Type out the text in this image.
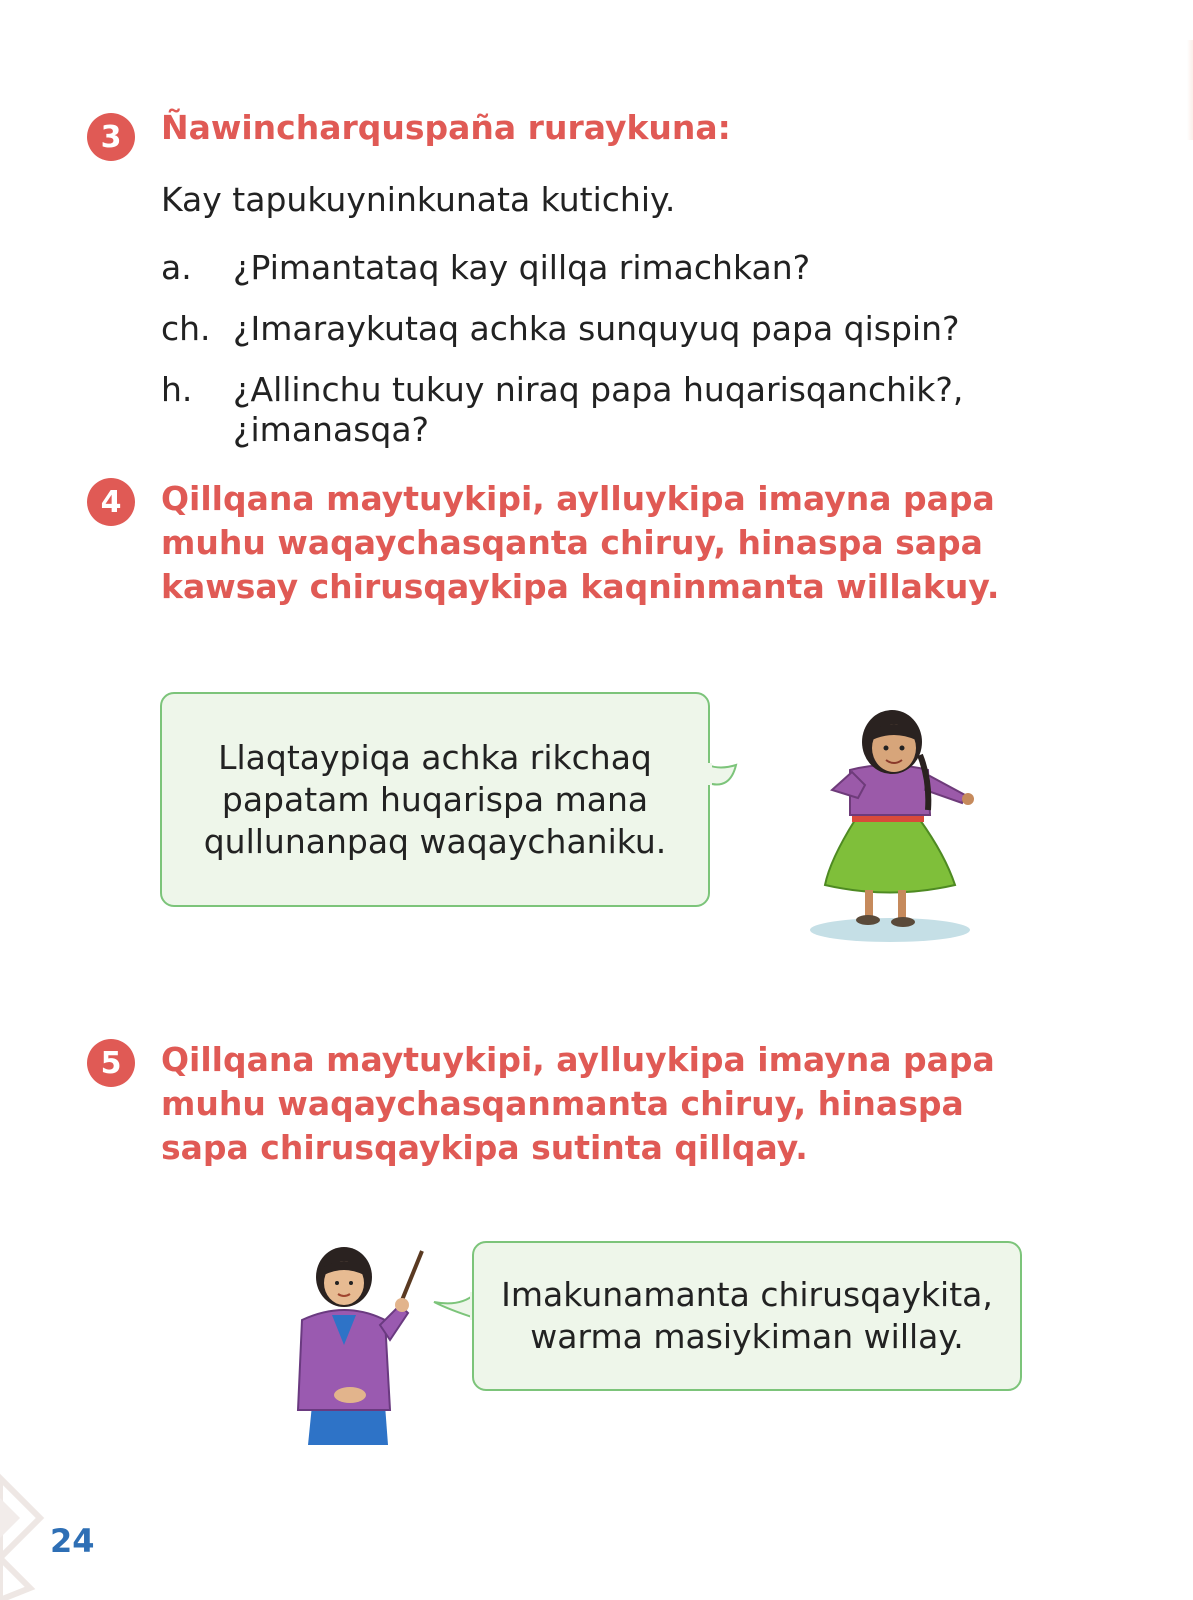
3	Ñawincharquspaña ruraykuna:
Kay tapukuyninkunata kutichiy.
a.	¿Pimantataq kay qillqa rimachkan?
ch. ¿Imaraykutaq achka sunquyuq papa qispin?
h.	¿Allinchu tukuy niraq papa huqarisqanchik?, ¿imanasqa?
4	Qillqana maytuykipi, aylluykipa imayna papa muhu waqaychasqanta chiruy, hinaspa sapa kawsay chirusqaykipa kaqninmanta willakuy.
Llaqtaypiqa achka rikchaq papatam huqarispa mana qullunanpaq waqaychaniku.
5	Qillqana maytuykipi, aylluykipa imayna papa muhu waqaychasqanmanta chiruy, hinaspa sapa chirusqaykipa sutinta qillqay.
Imakunamanta chirusqaykita, warma masiykiman willay.
24
